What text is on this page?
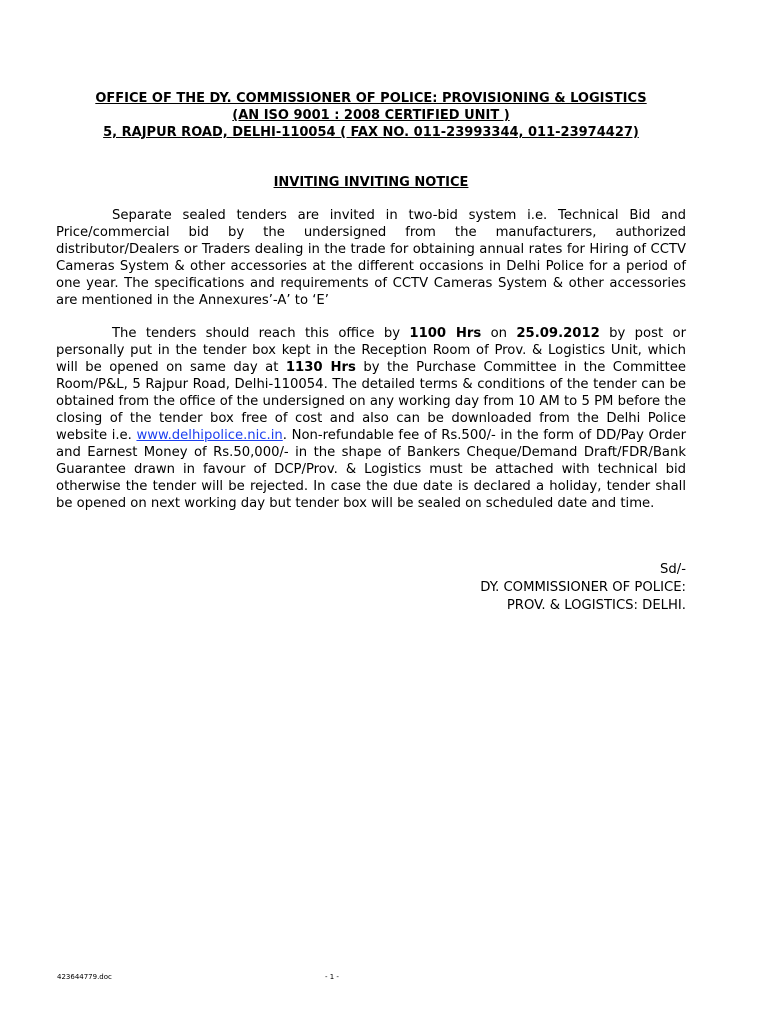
OFFICE OF THE DY. COMMISSIONER OF POLICE: PROVISIONING & LOGISTICS
(AN ISO 9001 : 2008 CERTIFIED UNIT )
5, RAJPUR ROAD, DELHI-110054 ( FAX NO. 011-23993344, 011-23974427)
INVITING INVITING NOTICE

Separate sealed tenders are invited in two-bid system i.e. Technical Bid and Price/commercial bid by the undersigned from the manufacturers, authorized distributor/Dealers or Traders dealing in the trade for obtaining annual rates for Hiring of CCTV Cameras System & other accessories at the different occasions in Delhi Police for a period of one year. The specifications and requirements of CCTV Cameras System & other accessories are mentioned in the Annexures’-A’ to ‘E’

The tenders should reach this office by 1100 Hrs on 25.09.2012 by post or personally put in the tender box kept in the Reception Room of Prov. & Logistics Unit, which will be opened on same day at 1130 Hrs by the Purchase Committee in the Committee Room/P&L, 5 Rajpur Road, Delhi-110054. The detailed terms & conditions of the tender can be obtained from the office of the undersigned on any working day from 10 AM to 5 PM before the closing of the tender box free of cost and also can be downloaded from the Delhi Police website i.e. www.delhipolice.nic.in. Non-refundable fee of Rs.500/- in the form of DD/Pay Order and Earnest Money of Rs.50,000/- in the shape of Bankers Cheque/Demand Draft/FDR/Bank Guarantee drawn in favour of DCP/Prov. & Logistics must be attached with technical bid otherwise the tender will be rejected. In case the due date is declared a holiday, tender shall be opened on next working day but tender box will be sealed on scheduled date and time.

Sd/-
DY. COMMISSIONER OF POLICE:
PROV. & LOGISTICS: DELHI.
423644779.doc	- 1 -
